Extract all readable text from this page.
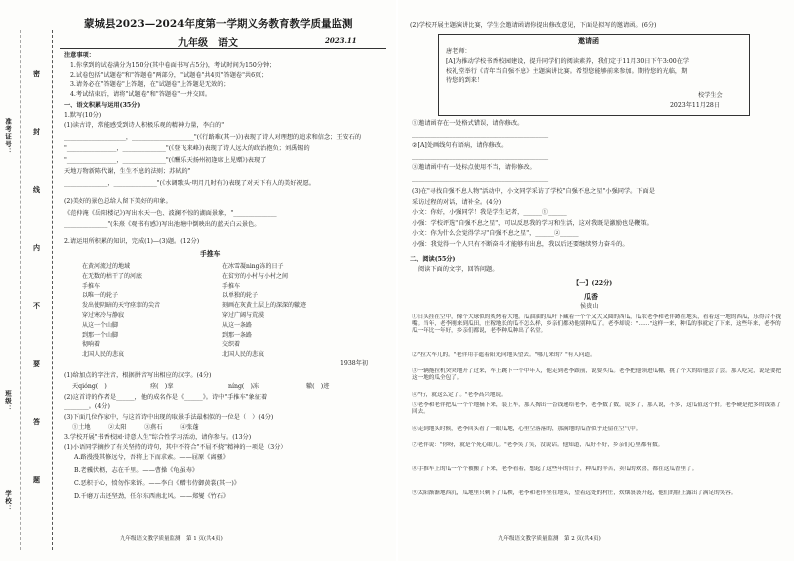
准考证号：
班级：
学校：
密
封
线
内
不
要
答
题
蒙城县2023—2024年度第一学期义务教育教学质量监测
九年级　语文	2023.11
注意事项：
1.你拿到的试卷满分为150分(其中卷面书写占5分)，考试时间为150分钟；
2.试卷包括"试题卷"和"答题卷"两部分，"试题卷"共4页"答题卷"共6页；
3.请务必在"答题卷"上答题，在"试题卷"上答题是无效的；
4.考试结束后，请将"试题卷"和"答题卷"一并交回。
一、语文积累与运用(35分)
1.默写(10分)
(1)读古诗，常能感受到诗人积极乐观的精神力量，李白的"
____________________，____________________"(《行路难(其一)》)表现了诗人对理想的追求和信念；王安石的
"________________，______________"(《登飞来峰》)表现了诗人远大的政治抱负；刘禹锡的
"________________，______________"(《酬乐天扬州初逢席上见赠》)表现了
天地万物新陈代谢，生生不息的法则；苏轼的"
______________，______________"(《水调歌头·明月几时有》)表现了对天下有人的美好祝愿。
(2)美好的景色总给人留下美好的印象。
《范仲淹《岳阳楼记》)写出水天一色、波澜不惊的湖面景象，"______________
______________"(朱熹《观书有感》)写出池塘中倒映出的蓝天白云景色。
2.请运用所积累的知识，完成(1)—(3)题。(12分)
手推车
在黄河流过的地域
在无数的枯干了的河底
手推车
以唯一的轮子
发出使阴暗的天穹痉挛的尖音
穿过寒冷与静寂
从这一个山脚
到那一个山脚
彻响着
北国人民的悲哀
在冰雪凝ning冻的日子
在贫穷的小村与小村之间
手推车
以单独的轮子
刻画在灰黄土层上的深深的辙迹
穿过广阔与荒漠
从这一条路
到那一条路
交织着
北国人民的悲哀
1938年初
(1)给加点的字注音，根据拼音写出相应的汉字。(4分)
天qióng(　)	痉(　)挛	níng(　)冻	辙(　)迹
(2)这首诗的作者是______，他的成名作是《______》。诗中"手推车"象征着
________。(4分)
(3)下面几位作家中，与这首诗中出现的取景手法最相似的一位是（　）(4分)
①土地	②太阳	③燕石	④张蓬
3.学校开展"书香校园·诗意人生"综合性学习活动，请你参与。(13分)
(1)小语同学摘抄了有关坚持的诗句，其中不符合"不屈不挠"精神的一项是（3分）
A.路漫漫其修远兮，吾将上下而求索。——屈原《离骚》
B.老骥伏枥，志在千里。——曹操《龟虽寿》
C.恶积于心，愤勿作来诉。——李白《赠韦侍御黄裳(其一)》
D.千磨万击还坚劲，任尔东西南北风。——郑燮《竹石》
九年级语文教学质量监测　第 1 页(共4页)
(2)学校开展主题演讲比赛，学生会邀请函请你提出修改意见，下面是拟写的邀请函。(6分)
邀请函
唐老师：
[A]为推动学校书香校园建设，提升同学们的阅读素养，我们定于11月30日下午3:00在学
校礼堂举行《青年当自强不息》主题演讲比赛。希望您能够前来参加。期待您的光临，期
待您的到来！
校学生会
2023年11月28日
①邀请函存在一处格式错误，请你修改。
____________________________________________
②[A]处画线句有语病，请你修改。
____________________________________________
③邀请函中有一处标点使用不当，请你修改。
____________________________________________
(3)在"寻找自强不息人物"活动中，小文同学采访了学校"自强不息之星"小强同学。下面是
采访过程的对话，请补全。(4分)
小文：你好，小强同学！我是学生记者，______①______
小强：学校评选"自强不息之星"，可以反思我的学习和生活，这对我既是激励也是鞭策。
小文：你为什么会觉得学习"自强不息之星"，______②______
小强：我觉得一个人只有不断奋斗才能够有出息，我以后还要继续努力奋斗的。
二、阅读(55分)
阅读下面的文字，回答问题。
【一】(22分)
瓜香
侯贵山
①日头挂在空中，像个大球似的炙烤着大地。瓜油油的瓜叶下藏着一个个又大又圆的西瓜，瓜农老李和老伴蹲在地头，看着这一地的西瓜，乐得合不拢嘴。当年，老李刚来到瓜田，庄稼地长的瓜不怎么样，乡亲们都劝他别种瓜了。老李却说："……"这样一来，种瓜的事就定了下来，这些年来，老李的瓜一年比一年好，乡亲们都说，老李种瓜种出了名堂。
②"拉大车儿的。"老伴用手遮着阳光向地头望去。"哪儿来的？"有人问道。
③一辆拖拉机突突地开了过来，车上跳下一个中年人，他走到老李跟前，说要买瓜。老李把他领进瓜棚，挑了个大的给他尝了尝。那人吃完，说是要把这一地的瓜全包了。
④"行，就这么定了。"老李高兴地说。
⑤老李和老伴把瓜一个个地摘下来，装上车，那人掏出一沓钱递给老李，老李数了数，说多了，那人说，不多，这瓜值这个价。老李硬是把多的钱塞了回去。
⑥走到地头时候，老李回头看了一眼瓜地，心里空落落的，那满地的瓜香似乎还留在空气中。
⑦老伴说："你呀，就是个死心眼儿。"老李笑了笑，没说话。他知道，瓜好不好，乡亲们心里都有数。
⑧手推车上的瓜一个个被搬了下来，老李看着，想起了这些年的日子，种瓜的辛苦，卖瓜的欢喜，都在这瓜香里了。
⑨太阳渐渐地西沉，瓜地里只剩下了瓜秧，老李和老伴坐在地头，望着远处的村庄，炊烟袅袅升起，他们的脸上露出了满足的笑容。
九年级语文教学质量监测　第 2 页(共4页)
